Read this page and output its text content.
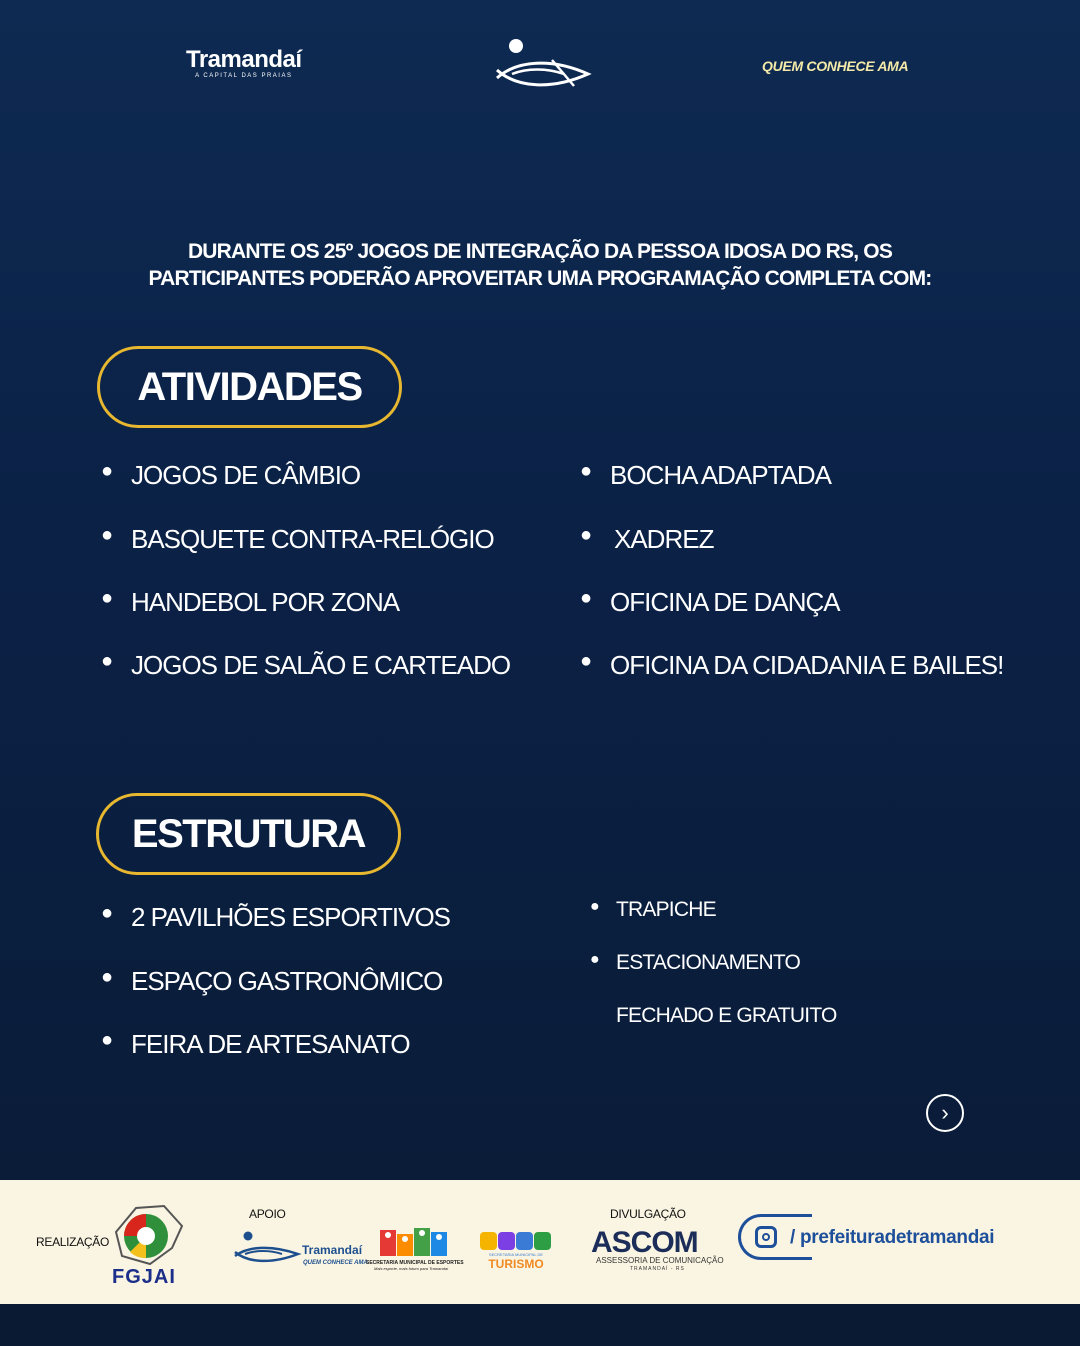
Tramandaí
A CAPITAL DAS PRAIAS
QUEM CONHECE AMA
DURANTE OS 25º JOGOS DE INTEGRAÇÃO DA PESSOA IDOSA DO RS, OS
PARTICIPANTES PODERÃO APROVEITAR UMA PROGRAMAÇÃO COMPLETA COM:
ATIVIDADES
● JOGOS DE CÂMBIO
● BASQUETE CONTRA-RELÓGIO
● HANDEBOL POR ZONA
● JOGOS DE SALÃO E CARTEADO
● BOCHA ADAPTADA
● XADREZ
● OFICINA DE DANÇA
● OFICINA DA CIDADANIA E BAILES!
ESTRUTURA
● 2 PAVILHÕES ESPORTIVOS
● ESPAÇO GASTRONÔMICO
● FEIRA DE ARTESANATO
● TRAPICHE
● ESTACIONAMENTO
FECHADO E GRATUITO
›
REALIZAÇÃO
FGJAI
APOIO
Tramandaí
QUEM CONHECE AMA
SECRETARIA MUNICIPAL DE ESPORTES
Mais esporte, mais futuro para Tramandaí
SECRETARIA MUNICIPAL DE
TURISMO
DIVULGAÇÃO
ASCOM
ASSESSORIA DE COMUNICAÇÃO
TRAMANDAÍ - RS
/ prefeituradetramandai
